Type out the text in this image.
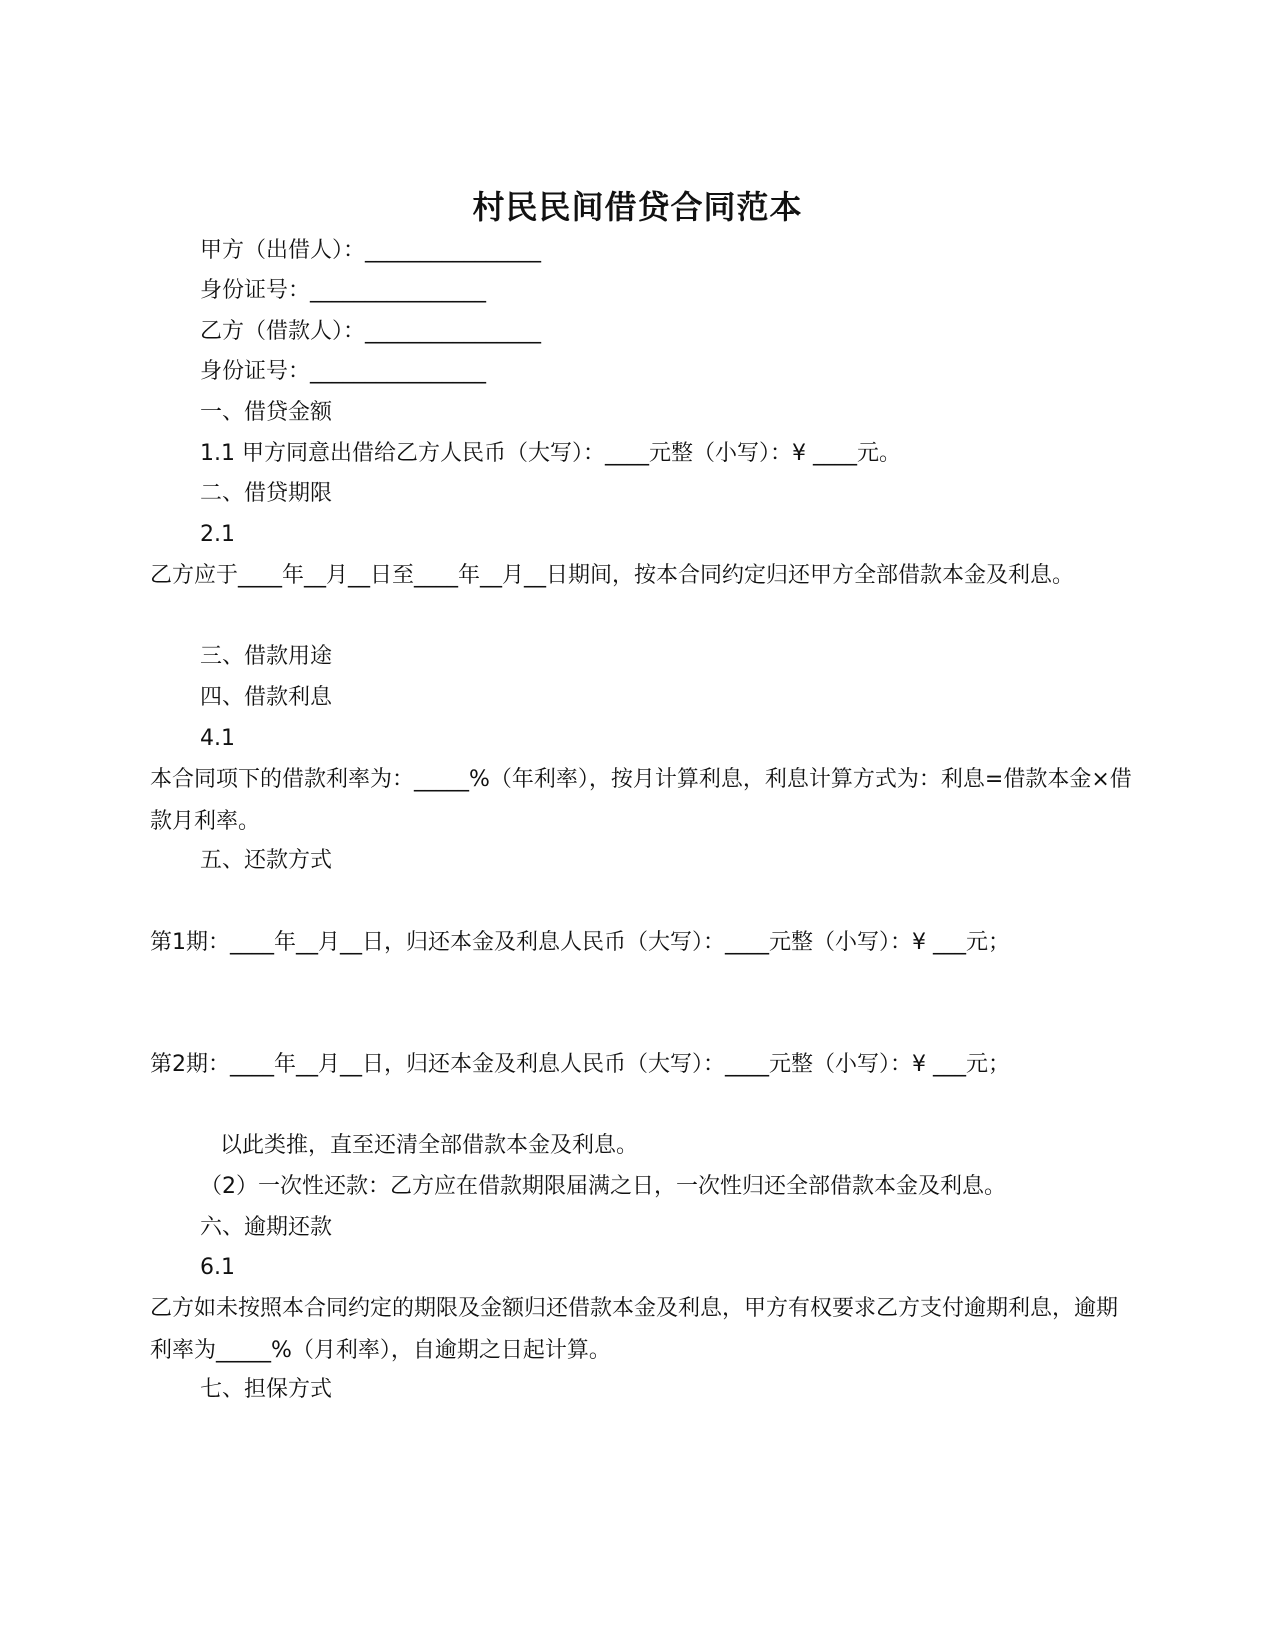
村民民间借贷合同范本
甲方（出借人）：________________
身份证号：________________
乙方（借款人）：________________
身份证号：________________
一、借贷金额
1.1 甲方同意出借给乙方人民币（大写）：____元整（小写）：¥ ____元。
二、借贷期限
2.1
乙方应于____年__月__日至____年__月__日期间，按本合同约定归还甲方全部借款本金及利息。
三、借款用途
四、借款利息
4.1
本合同项下的借款利率为：_____%（年利率），按月计算利息，利息计算方式为：利息=借款本金×借款月利率。
五、还款方式
第1期：____年__月__日，归还本金及利息人民币（大写）：____元整（小写）：¥ ___元；
第2期：____年__月__日，归还本金及利息人民币（大写）：____元整（小写）：¥ ___元；
以此类推，直至还清全部借款本金及利息。
（2）一次性还款：乙方应在借款期限届满之日，一次性归还全部借款本金及利息。
六、逾期还款
6.1
乙方如未按照本合同约定的期限及金额归还借款本金及利息，甲方有权要求乙方支付逾期利息，逾期利率为_____%（月利率），自逾期之日起计算。
七、担保方式
